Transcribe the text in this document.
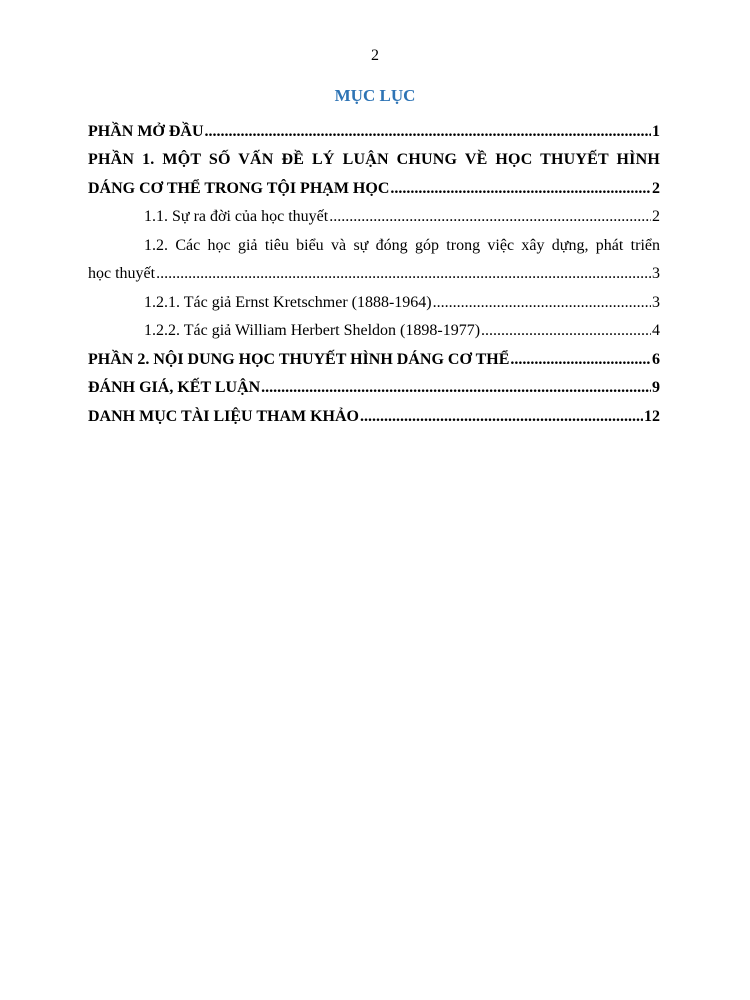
2
MỤC LỤC
PHẦN MỞ ĐẦU .....	1
PHẦN 1. MỘT SỐ VẤN ĐỀ LÝ LUẬN CHUNG VỀ HỌC THUYẾT HÌNH
DÁNG CƠ THỂ TRONG TỘI PHẠM HỌC .....	2
1.1. Sự ra đời của học thuyết .....	2
1.2. Các học giả tiêu biểu và sự đóng góp trong việc xây dựng, phát triển
học thuyết .....	3
1.2.1. Tác giả Ernst Kretschmer (1888-1964) .....	3
1.2.2. Tác giả William Herbert Sheldon (1898-1977) .....	4
PHẦN 2. NỘI DUNG HỌC THUYẾT HÌNH DÁNG CƠ THỂ .....	6
ĐÁNH GIÁ, KẾT LUẬN .....	9
DANH MỤC TÀI LIỆU THAM KHẢO .....	12
